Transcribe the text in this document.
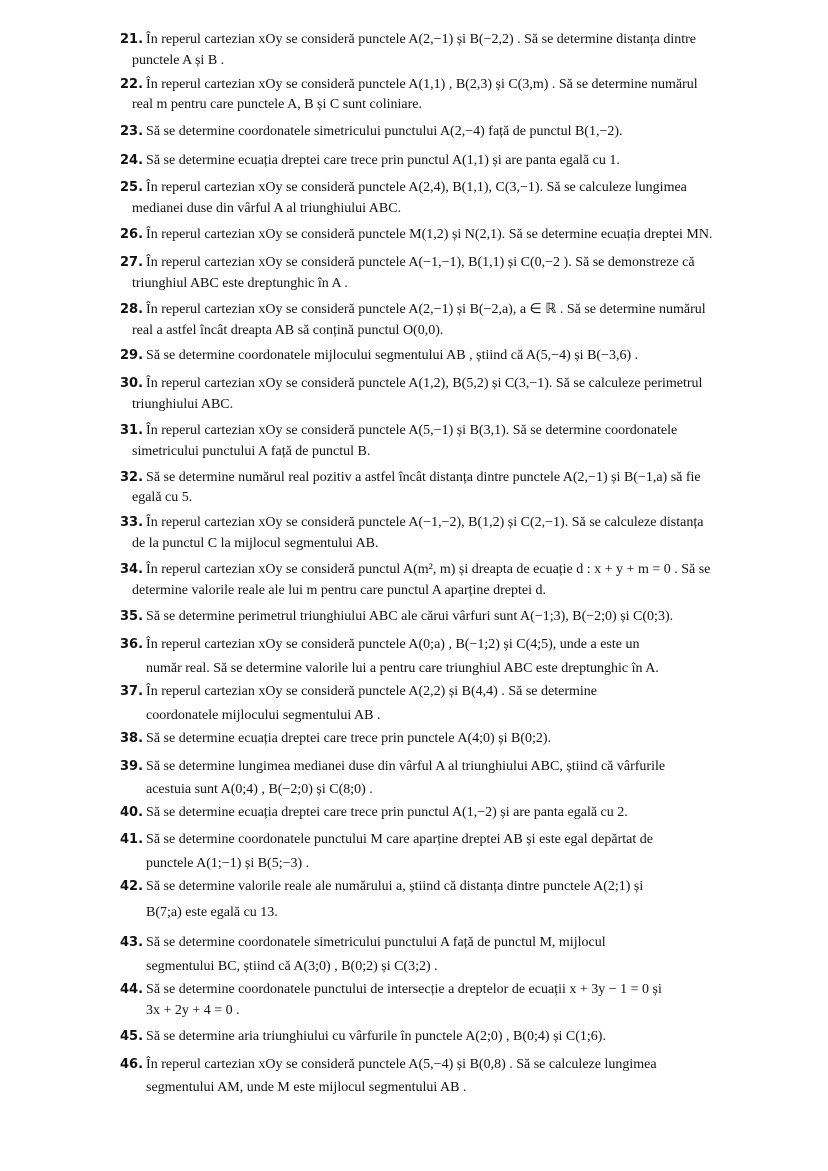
21. În reperul cartezian xOy se consideră punctele A(2,−1) și B(−2,2) . Să se determine distanța dintre
punctele A și B .
22. În reperul cartezian xOy se consideră punctele A(1,1) , B(2,3) și C(3,m) . Să se determine numărul
real m pentru care punctele A, B și C sunt coliniare.
23. Să se determine coordonatele simetricului punctului A(2,−4) față de punctul B(1,−2).
24. Să se determine ecuația dreptei care trece prin punctul A(1,1) și are panta egală cu 1.
25. În reperul cartezian xOy se consideră punctele A(2,4), B(1,1), C(3,−1). Să se calculeze lungimea
medianei duse din vârful A al triunghiului ABC.
26. În reperul cartezian xOy se consideră punctele M(1,2) și N(2,1). Să se determine ecuația dreptei MN.
27. În reperul cartezian xOy se consideră punctele A(−1,−1), B(1,1) și C(0,−2 ). Să se demonstreze că
triunghiul ABC este dreptunghic în A .
28. În reperul cartezian xOy se consideră punctele A(2,−1) și B(−2,a), a ∈ ℝ . Să se determine numărul
real a astfel încât dreapta AB să conțină punctul O(0,0).
29. Să se determine coordonatele mijlocului segmentului AB , știind că A(5,−4) și B(−3,6) .
30. În reperul cartezian xOy se consideră punctele A(1,2), B(5,2) și C(3,−1). Să se calculeze perimetrul
triunghiului ABC.
31. În reperul cartezian xOy se consideră punctele A(5,−1) și B(3,1). Să se determine coordonatele
simetricului punctului A față de punctul B.
32. Să se determine numărul real pozitiv a astfel încât distanța dintre punctele A(2,−1) și B(−1,a) să fie
egală cu 5.
33. În reperul cartezian xOy se consideră punctele A(−1,−2), B(1,2) și C(2,−1). Să se calculeze distanța
de la punctul C la mijlocul segmentului AB.
34. În reperul cartezian xOy se consideră punctul A(m², m) și dreapta de ecuație d : x + y + m = 0 . Să se
determine valorile reale ale lui m pentru care punctul A aparține dreptei d.
35. Să se determine perimetrul triunghiului ABC ale cărui vârfuri sunt A(−1;3), B(−2;0) și C(0;3).
36. În reperul cartezian xOy se consideră punctele A(0;a) , B(−1;2) și C(4;5), unde a este un
număr real. Să se determine valorile lui a pentru care triunghiul ABC este dreptunghic în A.
37. În reperul cartezian xOy se consideră punctele A(2,2) și B(4,4) . Să se determine
coordonatele mijlocului segmentului AB .
38. Să se determine ecuația dreptei care trece prin punctele A(4;0) și B(0;2).
39. Să se determine lungimea medianei duse din vârful A al triunghiului ABC, știind că vârfurile
acestuia sunt A(0;4) , B(−2;0) și C(8;0) .
40. Să se determine ecuația dreptei care trece prin punctul A(1,−2) și are panta egală cu 2.
41. Să se determine coordonatele punctului M care aparține dreptei AB și este egal depărtat de
punctele A(1;−1) și B(5;−3) .
42. Să se determine valorile reale ale numărului a, știind că distanța dintre punctele A(2;1) și
B(7;a) este egală cu 13.
43. Să se determine coordonatele simetricului punctului A față de punctul M, mijlocul
segmentului BC, știind că A(3;0) , B(0;2) și C(3;2) .
44. Să se determine coordonatele punctului de intersecție a dreptelor de ecuații x + 3y − 1 = 0 și
3x + 2y + 4 = 0 .
45. Să se determine aria triunghiului cu vârfurile în punctele A(2;0) , B(0;4) și C(1;6).
46. În reperul cartezian xOy se consideră punctele A(5,−4) și B(0,8) . Să se calculeze lungimea
segmentului AM, unde M este mijlocul segmentului AB .
